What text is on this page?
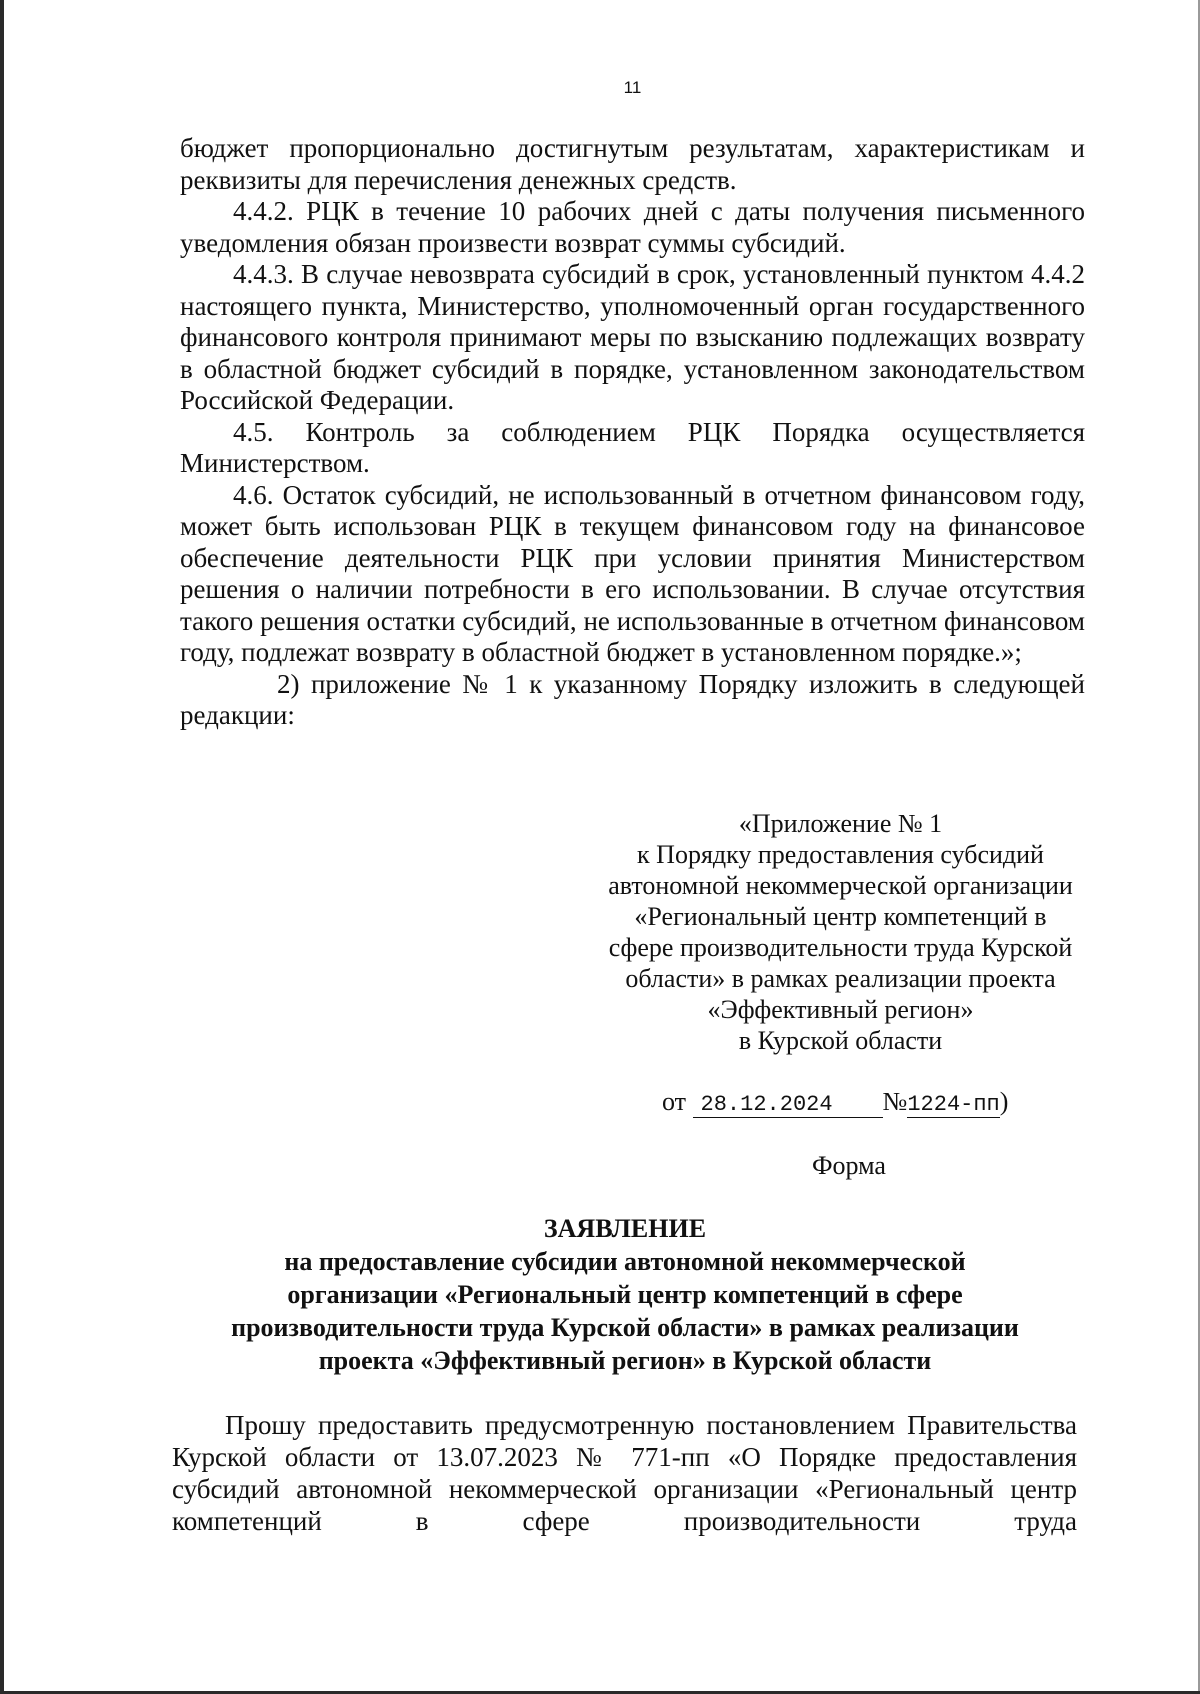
11

бюджет пропорционально достигнутым результатам, характеристикам и реквизиты для перечисления денежных средств.

4.4.2. РЦК в течение 10 рабочих дней с даты получения письменного уведомления обязан произвести возврат суммы субсидий.

4.4.3. В случае невозврата субсидий в срок, установленный пунктом 4.4.2 настоящего пункта, Министерство, уполномоченный орган государственного финансового контроля принимают меры по взысканию подлежащих возврату в областной бюджет субсидий в порядке, установленном законодательством Российской Федерации.

4.5. Контроль за соблюдением РЦК Порядка осуществляется Министерством.

4.6. Остаток субсидий, не использованный в отчетном финансовом году, может быть использован РЦК в текущем финансовом году на финансовое обеспечение деятельности РЦК при условии принятия Министерством решения о наличии потребности в его использовании. В случае отсутствия такого решения остатки субсидий, не использованные в отчетном финансовом году, подлежат возврату в областной бюджет в установленном порядке.»;

2) приложение № 1 к указанному Порядку изложить в следующей редакции:

«Приложение № 1
к Порядку предоставления субсидий
автономной некоммерческой организации
«Региональный центр компетенций в
сфере производительности труда Курской
области» в рамках реализации проекта
«Эффективный регион»
в Курской области
от 28.12.2024 №1224-пп)
Форма
ЗАЯВЛЕНИЕ
на предоставление субсидии автономной некоммерческой
организации «Региональный центр компетенций в сфере
производительности труда Курской области» в рамках реализации
проекта «Эффективный регион» в Курской области

Прошу предоставить предусмотренную постановлением Правительства Курской области от 13.07.2023 № 771-пп «О Порядке предоставления субсидий автономной некоммерческой организации «Региональный центр компетенций в сфере производительности труда
